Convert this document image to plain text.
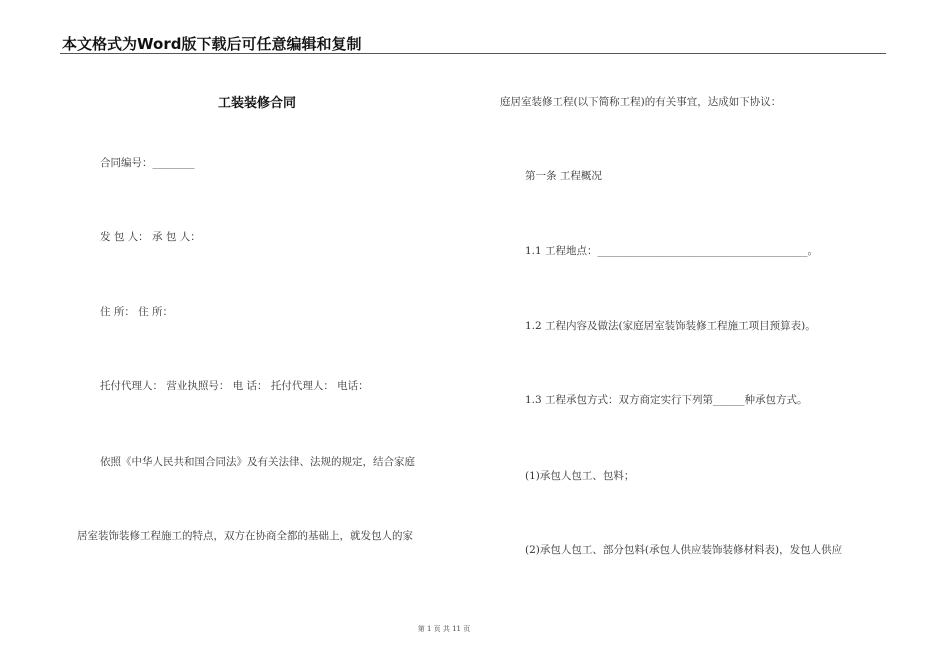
本文格式为Word版下载后可任意编辑和复制
工装装修合同
合同编号：________
发 包 人： 承 包 人：
住 所： 住 所：
托付代理人： 营业执照号： 电 话： 托付代理人： 电话：
依照《中华人民共和国合同法》及有关法律、法规的规定，结合家庭
居室装饰装修工程施工的特点，双方在协商全都的基础上，就发包人的家
庭居室装修工程(以下简称工程)的有关事宜，达成如下协议：
第一条 工程概况
1.1 工程地点：________________________________________。
1.2 工程内容及做法(家庭居室装饰装修工程施工项目预算表)。
1.3 工程承包方式：双方商定实行下列第______种承包方式。
(1)承包人包工、包料；
(2)承包人包工、部分包料(承包人供应装饰装修材料表)，发包人供应
第 1 页 共 11 页
